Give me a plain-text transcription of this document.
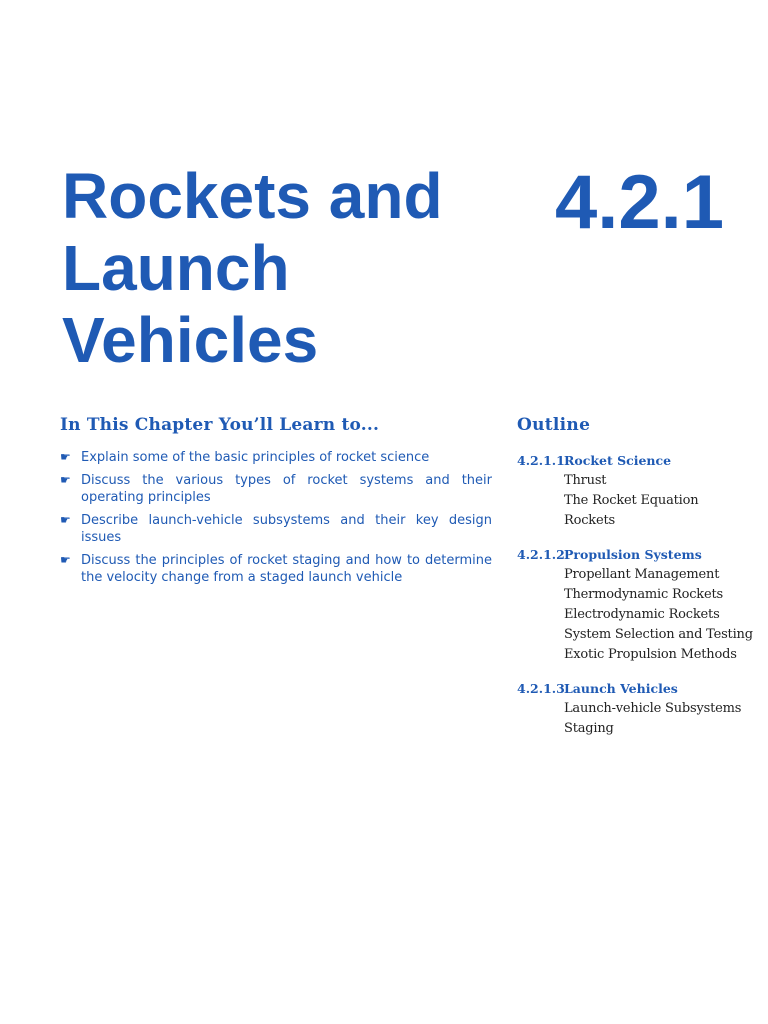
Rockets and Launch Vehicles
4.2.1
In This Chapter You’ll Learn to...
☛ Explain some of the basic principles of rocket science
☛ Discuss the various types of rocket systems and their operating principles
☛ Describe launch-vehicle subsystems and their key design issues
☛ Discuss the principles of rocket staging and how to determine the velocity change from a staged launch vehicle
Outline
4.2.1.1 Rocket Science
Thrust
The Rocket Equation
Rockets
4.2.1.2 Propulsion Systems
Propellant Management
Thermodynamic Rockets
Electrodynamic Rockets
System Selection and Testing
Exotic Propulsion Methods
4.2.1.3 Launch Vehicles
Launch-vehicle Subsystems
Staging
